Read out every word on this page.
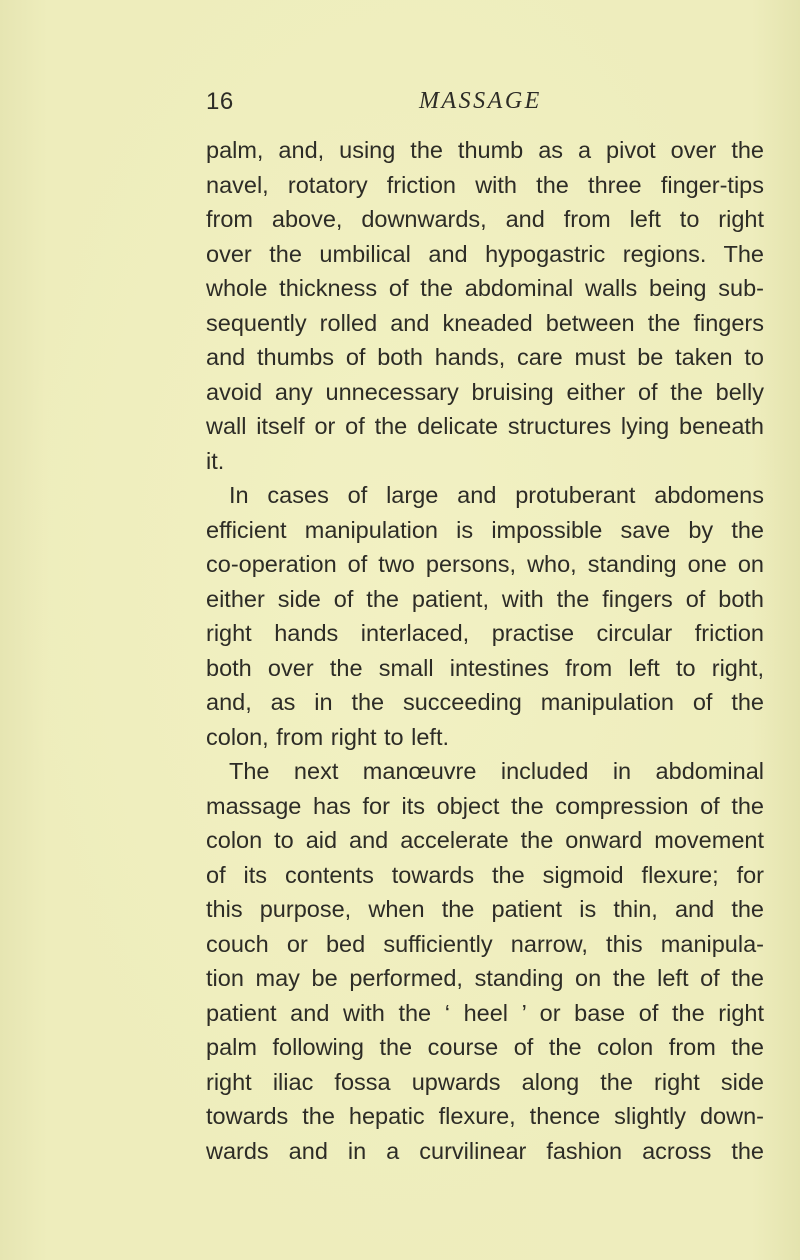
16	MASSAGE
palm, and, using the thumb as a pivot over the
navel, rotatory friction with the three finger-tips
from above, downwards, and from left to right
over the umbilical and hypogastric regions. The
whole thickness of the abdominal walls being sub-
sequently rolled and kneaded between the fingers
and thumbs of both hands, care must be taken to
avoid any unnecessary bruising either of the belly
wall itself or of the delicate structures lying beneath
it.
In cases of large and protuberant abdomens
efficient manipulation is impossible save by the
co-operation of two persons, who, standing one on
either side of the patient, with the fingers of both
right hands interlaced, practise circular friction
both over the small intestines from left to right,
and, as in the succeeding manipulation of the
colon, from right to left.
The next manœuvre included in abdominal
massage has for its object the compression of the
colon to aid and accelerate the onward movement
of its contents towards the sigmoid flexure; for
this purpose, when the patient is thin, and the
couch or bed sufficiently narrow, this manipula-
tion may be performed, standing on the left of the
patient and with the ‘ heel ’ or base of the right
palm following the course of the colon from the
right iliac fossa upwards along the right side
towards the hepatic flexure, thence slightly down-
wards and in a curvilinear fashion across the
